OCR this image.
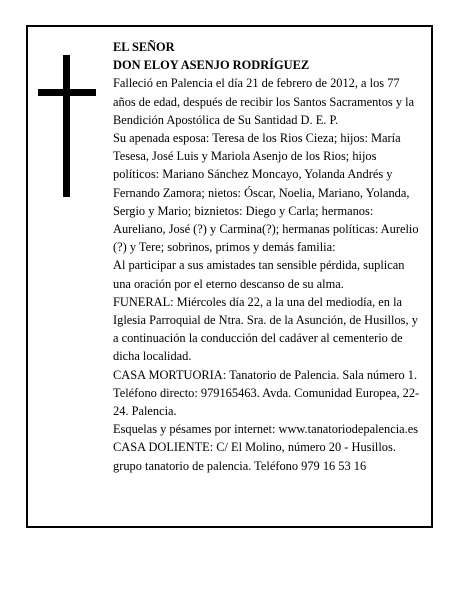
EL SEÑOR

DON ELOY ASENJO RODRÍGUEZ

Falleció en Palencia el día 21 de febrero de 2012, a los 77 años de edad, después de recibir los Santos Sacramentos y la Bendición Apostólica de Su Santidad D. E. P.

Su apenada esposa: Teresa de los Rios Cieza; hijos: María Tesesa, José Luis y Mariola Asenjo de los Rios; hijos políticos: Mariano Sánchez Moncayo, Yolanda Andrés y Fernando Zamora; nietos: Óscar, Noelia, Mariano, Yolanda, Sergio y Mario; biznietos: Diego y Carla; hermanos: Aureliano, José (?) y Carmina(?); hermanas políticas: Aurelio (?) y Tere; sobrinos, primos y demás familia:

Al participar a sus amistades tan sensible pérdida, suplican una oración por el eterno descanso de su alma.

FUNERAL: Miércoles día 22, a la una del mediodía, en la Iglesia Parroquial de Ntra. Sra. de la Asunción, de Husillos, y a continuación la conducción del cadáver al cementerio de dicha localidad.

CASA MORTUORIA: Tanatorio de Palencia. Sala número 1. Teléfono directo: 979165463. Avda. Comunidad Europea, 22-24. Palencia.

Esquelas y pésames por internet: www.tanatoriodepalencia.es

CASA DOLIENTE: C/ El Molino, número 20 - Husillos.

grupo tanatorio de palencia. Teléfono 979 16 53 16
